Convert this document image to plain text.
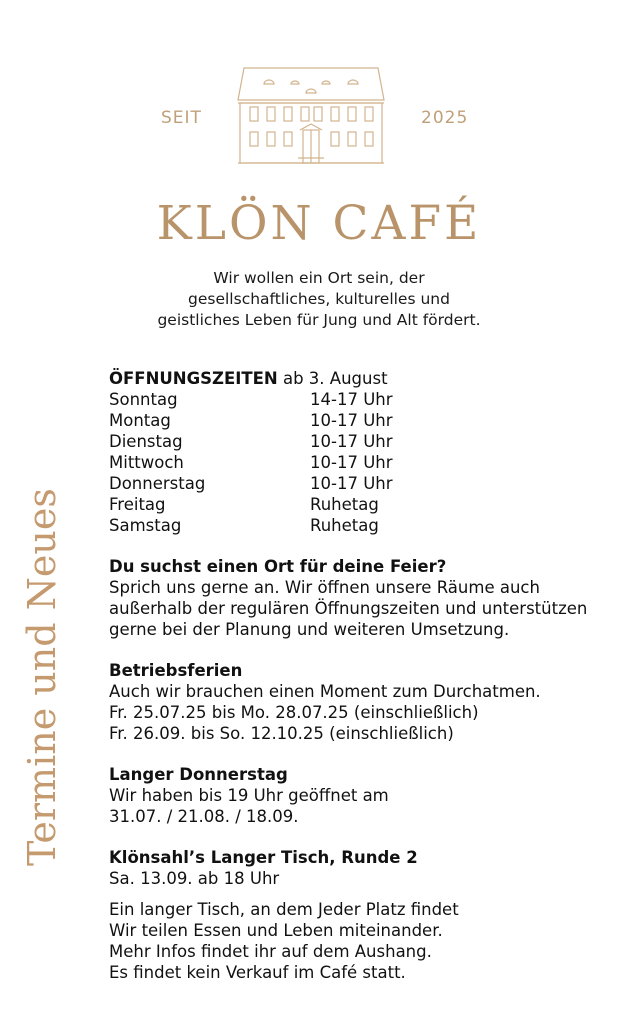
SEIT	2025
KLÖN CAFÉ
Wir wollen ein Ort sein, der
gesellschaftliches, kulturelles und
geistliches Leben für Jung und Alt fördert.
Termine und Neues
ÖFFNUNGSZEITEN ab 3. August
Sonntag	14-17 Uhr
Montag	10-17 Uhr
Dienstag	10-17 Uhr
Mittwoch	10-17 Uhr
Donnerstag	10-17 Uhr
Freitag	Ruhetag
Samstag	Ruhetag
Du suchst einen Ort für deine Feier?
Sprich uns gerne an. Wir öffnen unsere Räume auch
außerhalb der regulären Öffnungszeiten und unterstützen
gerne bei der Planung und weiteren Umsetzung.
Betriebsferien
Auch wir brauchen einen Moment zum Durchatmen.
Fr. 25.07.25 bis Mo. 28.07.25 (einschließlich)
Fr. 26.09. bis So. 12.10.25 (einschließlich)
Langer Donnerstag
Wir haben bis 19 Uhr geöffnet am
31.07. / 21.08. / 18.09.
Klönsahl’s Langer Tisch, Runde 2
Sa. 13.09. ab 18 Uhr
Ein langer Tisch, an dem Jeder Platz findet
Wir teilen Essen und Leben miteinander.
Mehr Infos findet ihr auf dem Aushang.
Es findet kein Verkauf im Café statt.
